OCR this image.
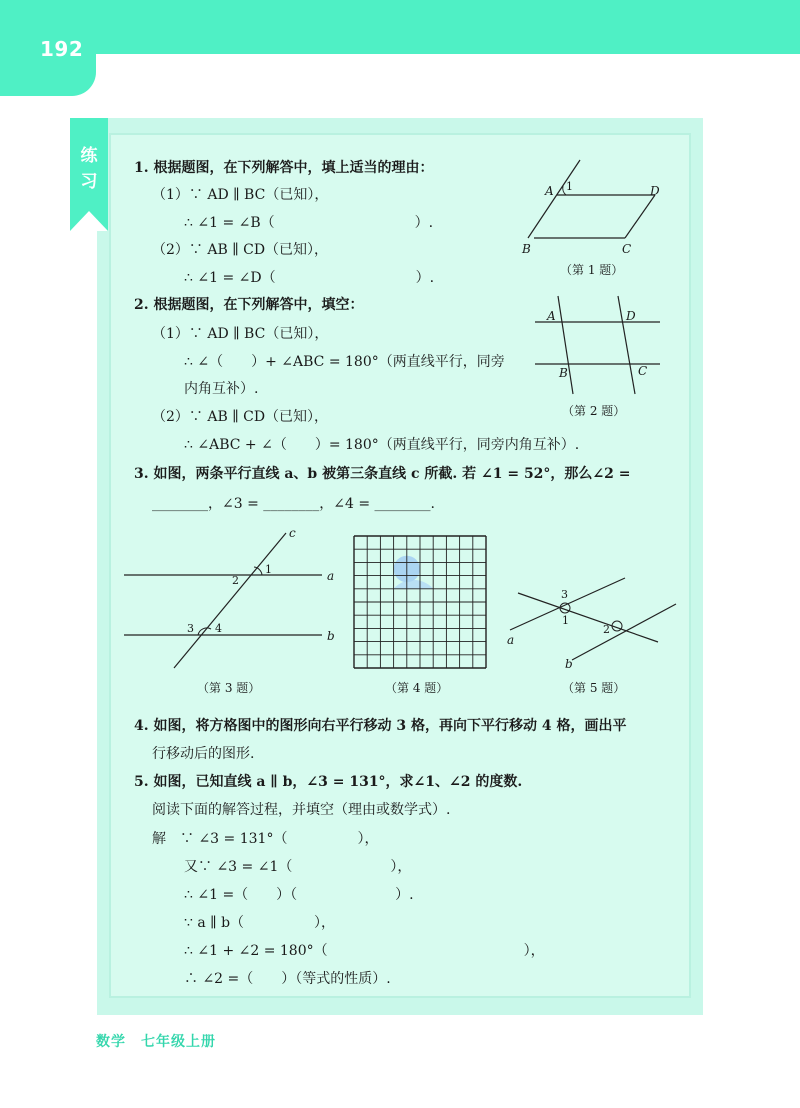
192
练习
1. 根据题图，在下列解答中，填上适当的理由：
（1）∵ AD ∥ BC（已知），
∴ ∠1 = ∠B（　　　　　　　　　　）.
（2）∵ AB ∥ CD（已知），
∴ ∠1 = ∠D（　　　　　　　　　　）.
A 1	D
B	C
（第 1 题）
2. 根据题图，在下列解答中，填空：
（1）∵ AD ∥ BC（已知），
∴ ∠（　　）+ ∠ABC = 180°（两直线平行，同旁
内角互补）.
（2）∵ AB ∥ CD（已知），
∴ ∠ABC + ∠（　　）= 180°（两直线平行，同旁内角互补）.
A	D
B	C
（第 2 题）
3. 如图，两条平行直线 a、b 被第三条直线 c 所截. 若 ∠1 = 52°，那么∠2 =
________，∠3 = ________，∠4 = ________.
a
b
c
1
2
3 4
（第 3 题）	（第 4 题）
3
1
2
a
b
（第 5 题）
4. 如图，将方格图中的图形向右平行移动 3 格，再向下平行移动 4 格，画出平
行移动后的图形.
5. 如图，已知直线 a ∥ b，∠3 = 131°，求∠1、∠2 的度数.
阅读下面的解答过程，并填空（理由或数学式）.
解　∵ ∠3 = 131°（　　　　　），
又∵ ∠3 = ∠1（　　　　　　　），
∴ ∠1 =（　　）（　　　　　　　）.
∵ a ∥ b（　　　　　），
∴ ∠1 + ∠2 = 180°（　　　　　　　　　　　　　　），
∴ ∠2 =（　　）（等式的性质）.
数学　七年级上册
